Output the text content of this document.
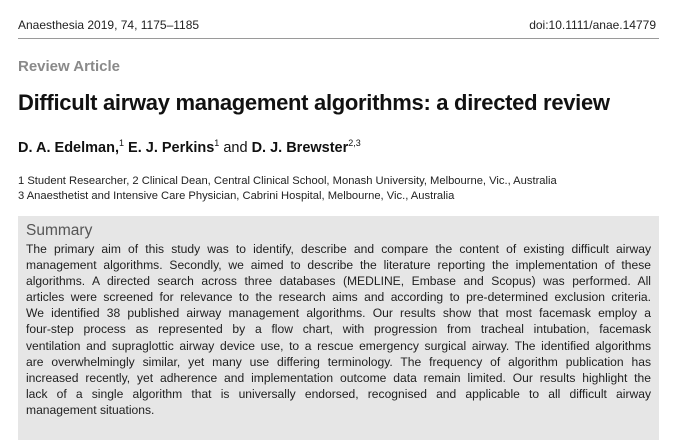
Anaesthesia 2019, 74, 1175–1185	doi:10.1111/anae.14779
Review Article
Difficult airway management algorithms: a directed review
D. A. Edelman,$^1$ E. J. Perkins$^1$ and D. J. Brewster$^{2,3}$
1 Student Researcher, 2 Clinical Dean, Central Clinical School, Monash University, Melbourne, Vic., Australia
3 Anaesthetist and Intensive Care Physician, Cabrini Hospital, Melbourne, Vic., Australia
Summary
The primary aim of this study was to identify, describe and compare the content of existing difficult airway
management algorithms. Secondly, we aimed to describe the literature reporting the implementation of these
algorithms. A directed search across three databases (MEDLINE, Embase and Scopus) was performed. All
articles were screened for relevance to the research aims and according to pre-determined exclusion criteria.
We identified 38 published airway management algorithms. Our results show that most facemask employ a
four-step process as represented by a flow chart, with progression from tracheal intubation, facemask
ventilation and supraglottic airway device use, to a rescue emergency surgical airway. The identified algorithms
are overwhelmingly similar, yet many use differing terminology. The frequency of algorithm publication has
increased recently, yet adherence and implementation outcome data remain limited. Our results highlight the
lack of a single algorithm that is universally endorsed, recognised and applicable to all difficult airway
management situations.
